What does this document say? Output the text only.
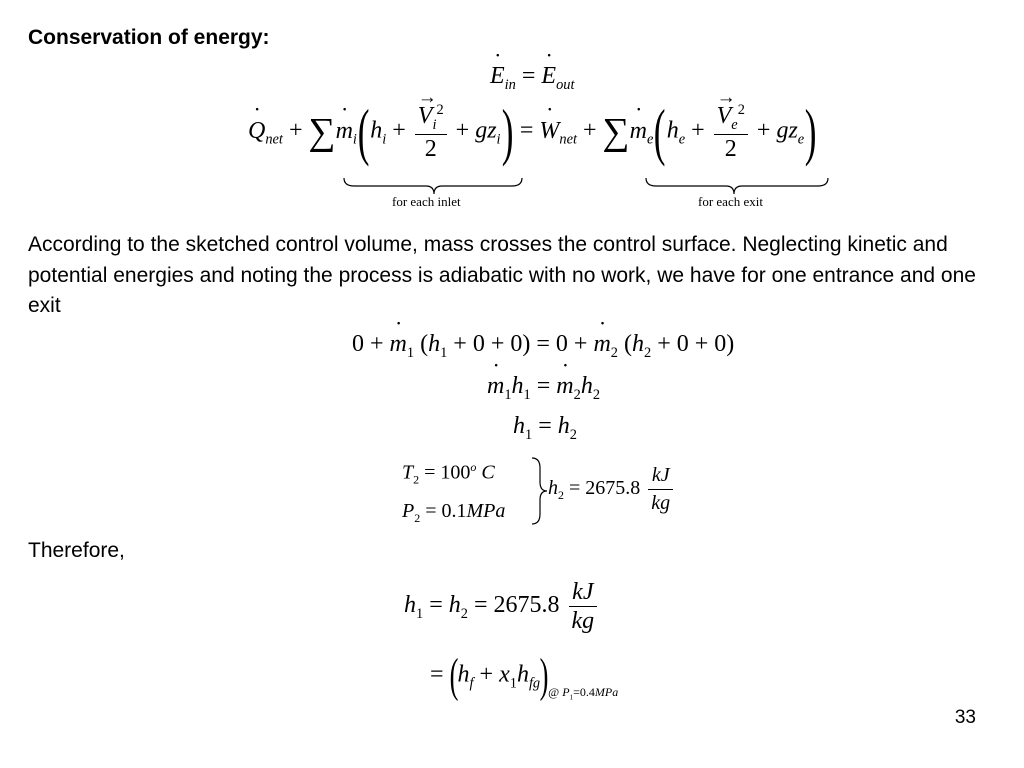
Conservation of energy:
According to the sketched control volume, mass crosses the control surface. Neglecting kinetic and potential energies and noting the process is adiabatic with no work, we have for one entrance and one exit
Therefore,
33
˙ $E_{in}$ = ˙ $E_{out}$
˙ $Q_{net}$ + ∑˙ $m_i(h_i$ + → $\frac{V_i^2}{2} + gz_i$) = ˙ $W_{net}$ + ∑˙ $m_e(h_e$ + → $\frac{V_e^2}{2} + gz_e$)
for each inlet	for each exit
0 + ˙ $m_1$ $(h_1 + 0 + 0) = 0$ + ˙ $m_2$ $(h_2 + 0 + 0)$
˙ $m_1h_1$ = ˙ $m_2h_2$
$h_1 = h_2$
$T_2 = 100^o$ C
$P_2 = 0.1MPa$
$h_2 = 2675.8 \frac{kJ}{kg}$
$h_1 = h_2 = 2675.8 \frac{kJ}{kg}$
= $(h_f + x_1h_{fg})_{@ P_1=0.4MPa}$
